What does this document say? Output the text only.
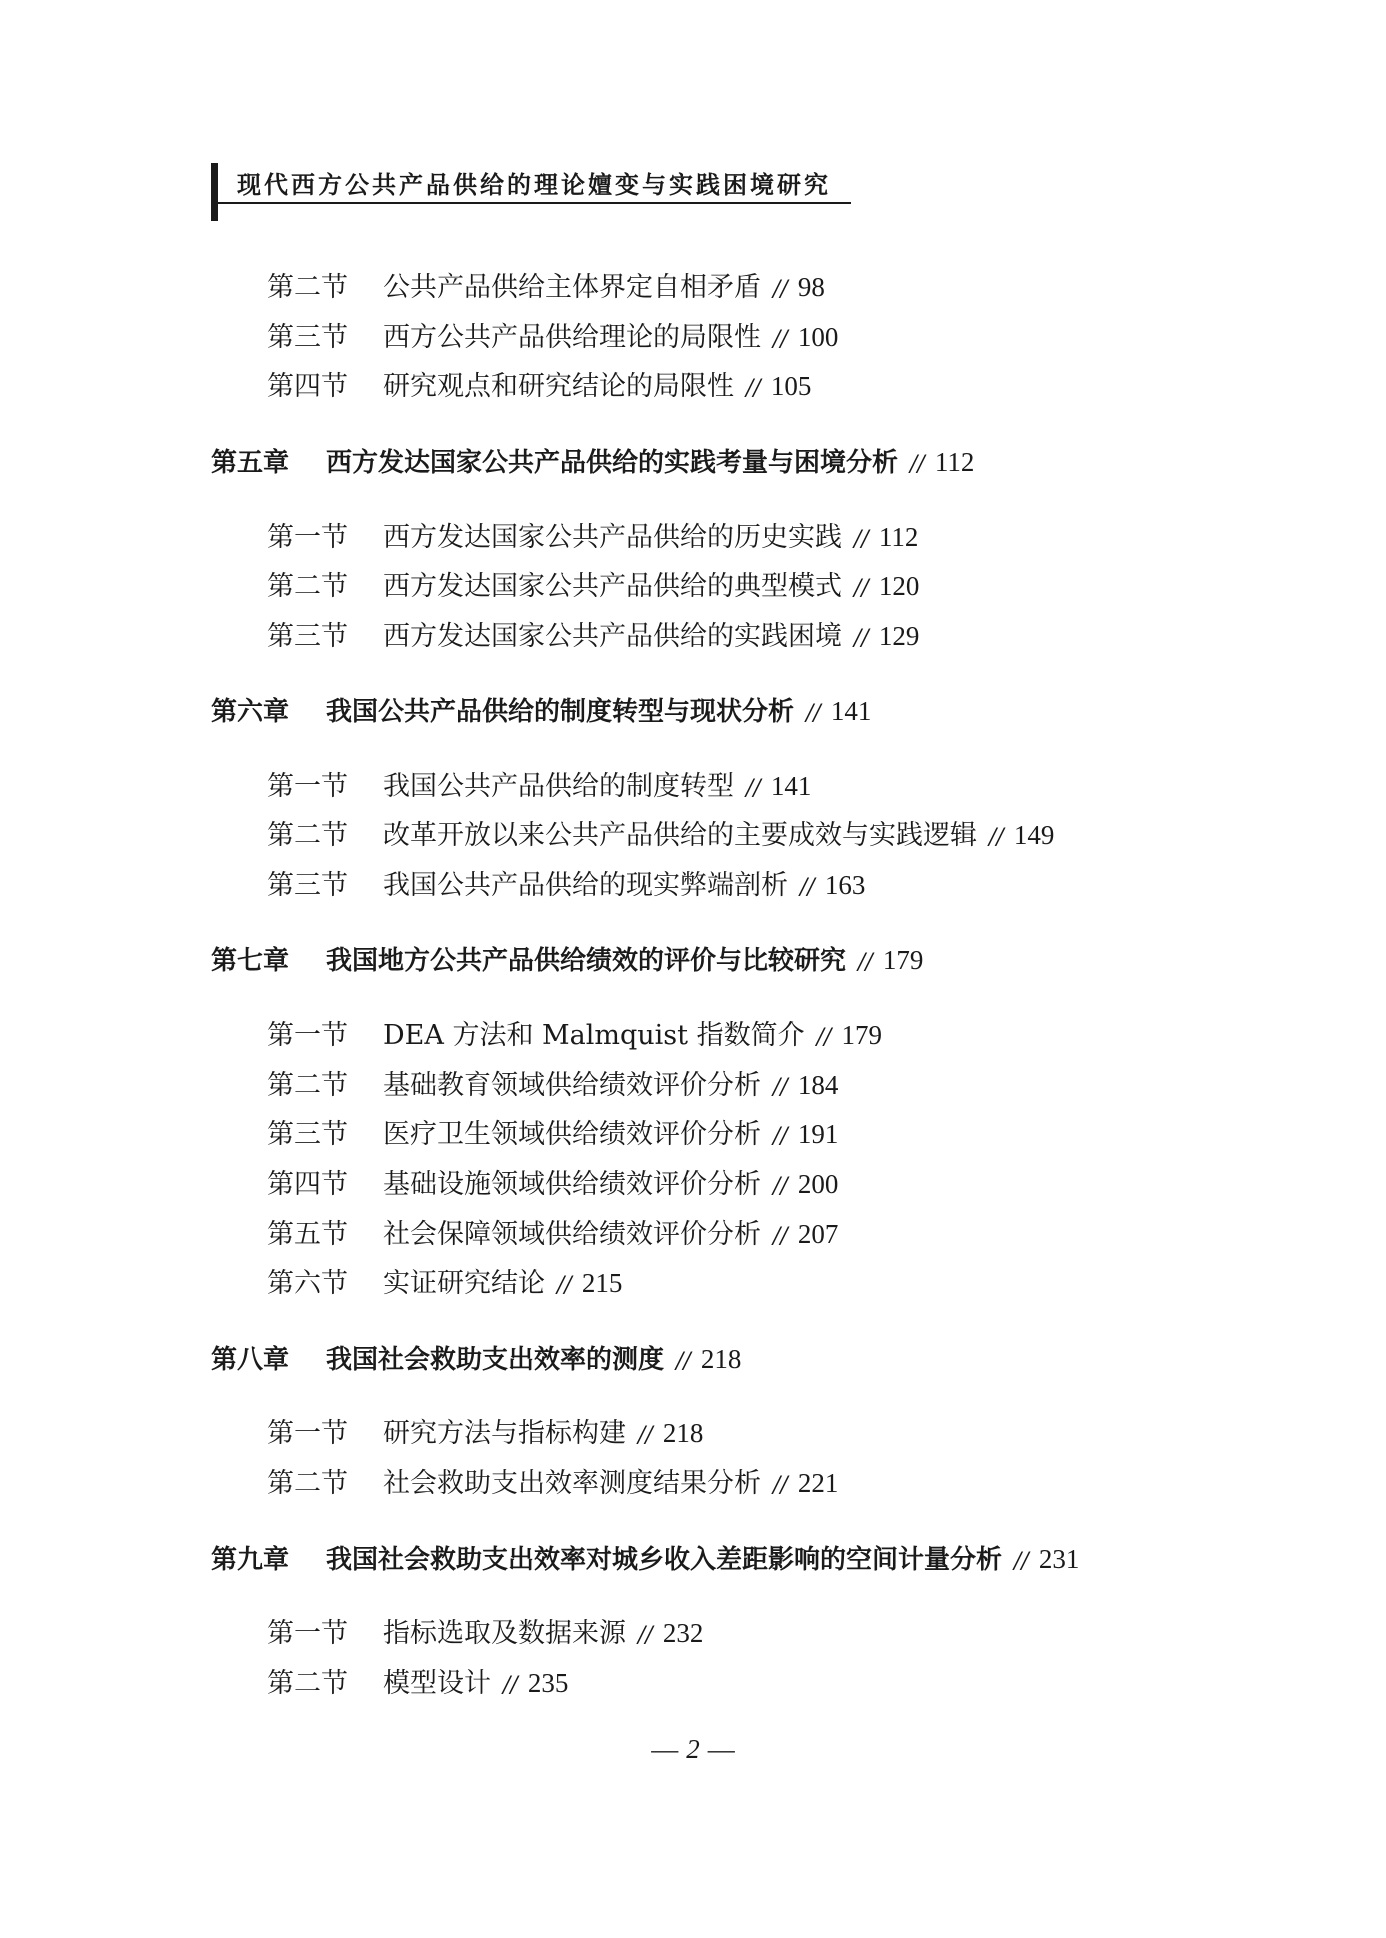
现代西方公共产品供给的理论嬗变与实践困境研究
第二节 公共产品供给主体界定自相矛盾 // 98
第三节 西方公共产品供给理论的局限性 // 100
第四节 研究观点和研究结论的局限性 // 105
第五章 西方发达国家公共产品供给的实践考量与困境分析 // 112
第一节 西方发达国家公共产品供给的历史实践 // 112
第二节 西方发达国家公共产品供给的典型模式 // 120
第三节 西方发达国家公共产品供给的实践困境 // 129
第六章 我国公共产品供给的制度转型与现状分析 // 141
第一节 我国公共产品供给的制度转型 // 141
第二节 改革开放以来公共产品供给的主要成效与实践逻辑 // 149
第三节 我国公共产品供给的现实弊端剖析 // 163
第七章 我国地方公共产品供给绩效的评价与比较研究 // 179
第一节 DEA 方法和 Malmquist 指数简介 // 179
第二节 基础教育领域供给绩效评价分析 // 184
第三节 医疗卫生领域供给绩效评价分析 // 191
第四节 基础设施领域供给绩效评价分析 // 200
第五节 社会保障领域供给绩效评价分析 // 207
第六节 实证研究结论 // 215
第八章 我国社会救助支出效率的测度 // 218
第一节 研究方法与指标构建 // 218
第二节 社会救助支出效率测度结果分析 // 221
第九章 我国社会救助支出效率对城乡收入差距影响的空间计量分析 // 231
第一节 指标选取及数据来源 // 232
第二节 模型设计 // 235
— 2 —
